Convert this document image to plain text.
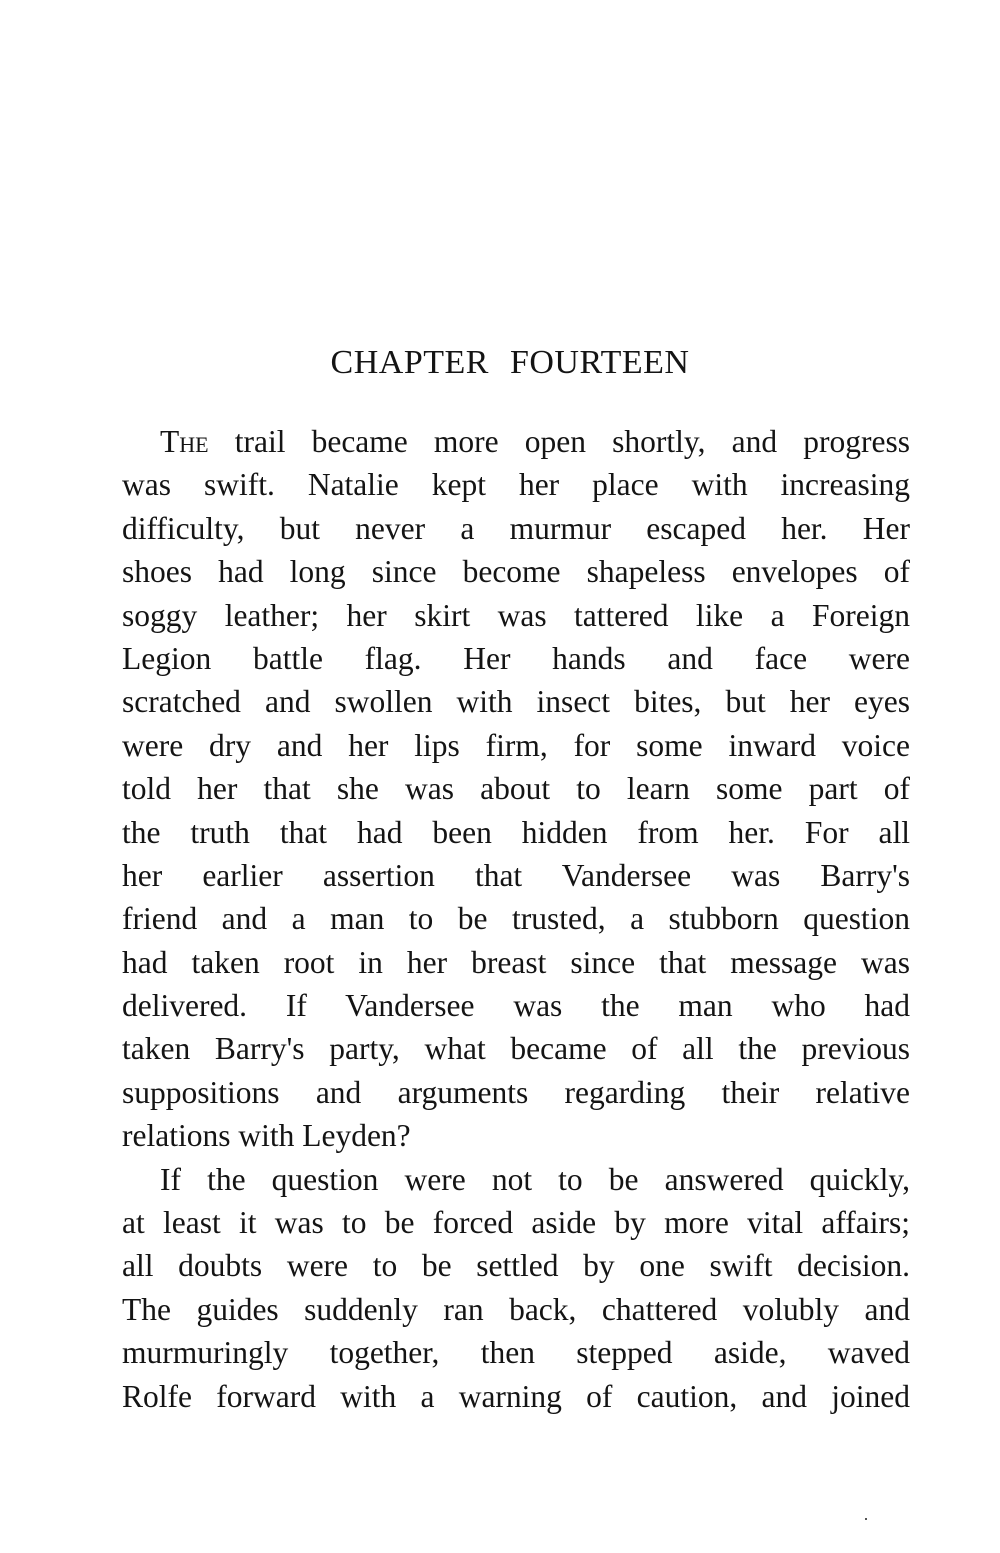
CHAPTER FOURTEEN
The trail became more open shortly, and progress
was swift. Natalie kept her place with increasing
difficulty, but never a murmur escaped her. Her
shoes had long since become shapeless envelopes of
soggy leather; her skirt was tattered like a Foreign
Legion battle flag. Her hands and face were
scratched and swollen with insect bites, but her eyes
were dry and her lips firm, for some inward voice
told her that she was about to learn some part of
the truth that had been hidden from her. For all
her earlier assertion that Vandersee was Barry's
friend and a man to be trusted, a stubborn question
had taken root in her breast since that message was
delivered. If Vandersee was the man who had
taken Barry's party, what became of all the previous
suppositions and arguments regarding their relative
relations with Leyden?
If the question were not to be answered quickly,
at least it was to be forced aside by more vital affairs;
all doubts were to be settled by one swift decision.
The guides suddenly ran back, chattered volubly and
murmuringly together, then stepped aside, waved
Rolfe forward with a warning of caution, and joined
